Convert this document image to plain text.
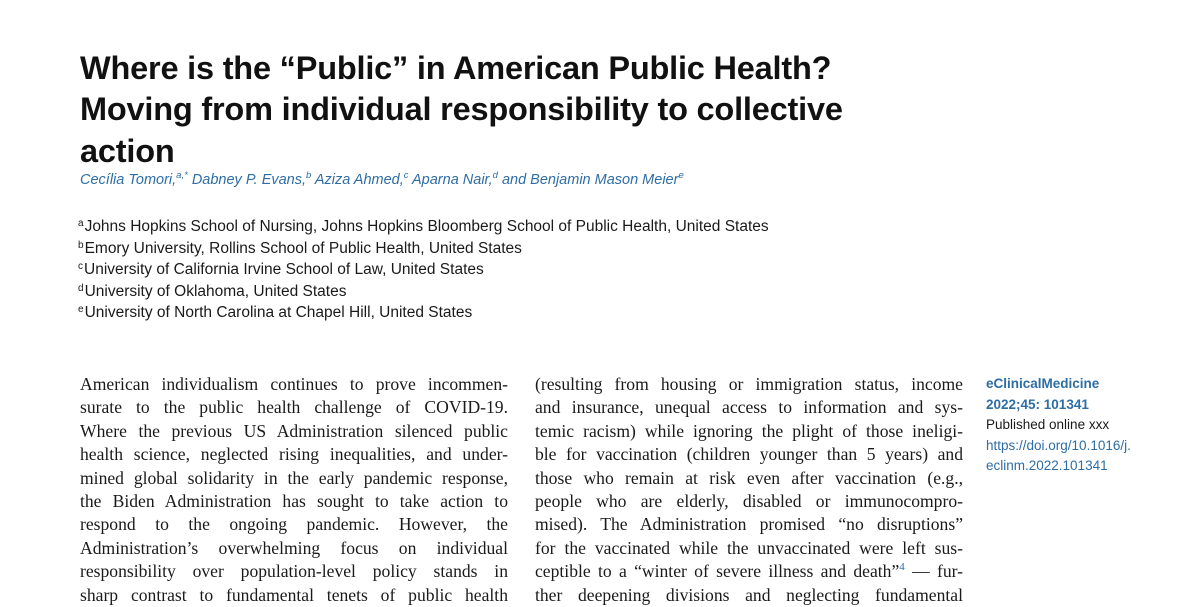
Where is the “Public” in American Public Health?
Moving from individual responsibility to collective
action
Cecília Tomori,$^{a,*}$ Dabney P. Evans,$^b$ Aziza Ahmed,$^c$ Aparna Nair,$^d$ and Benjamin Mason Meier$^e$
$^a$Johns Hopkins School of Nursing, Johns Hopkins Bloomberg School of Public Health, United States
$^b$Emory University, Rollins School of Public Health, United States
$^c$University of California Irvine School of Law, United States
$^d$University of Oklahoma, United States
$^e$University of North Carolina at Chapel Hill, United States
American individualism continues to prove incommen-
surate to the public health challenge of COVID-19.
Where the previous US Administration silenced public
health science, neglected rising inequalities, and under-
mined global solidarity in the early pandemic response,
the Biden Administration has sought to take action to
respond to the ongoing pandemic. However, the
Administration’s overwhelming focus on individual
responsibility over population-level policy stands in
sharp contrast to fundamental tenets of public health
(resulting from housing or immigration status, income
and insurance, unequal access to information and sys-
temic racism) while ignoring the plight of those ineligi-
ble for vaccination (children younger than 5 years) and
those who remain at risk even after vaccination (e.g.,
people who are elderly, disabled or immunocompro-
mised). The Administration promised “no disruptions”
for the vaccinated while the unvaccinated were left sus-
ceptible to a “winter of severe illness and death”$^4$ — fur-
ther deepening divisions and neglecting fundamental
eClinicalMedicine
2022;45: 101341
Published online xxx
https://doi.org/10.1016/j.
eclinm.2022.101341
